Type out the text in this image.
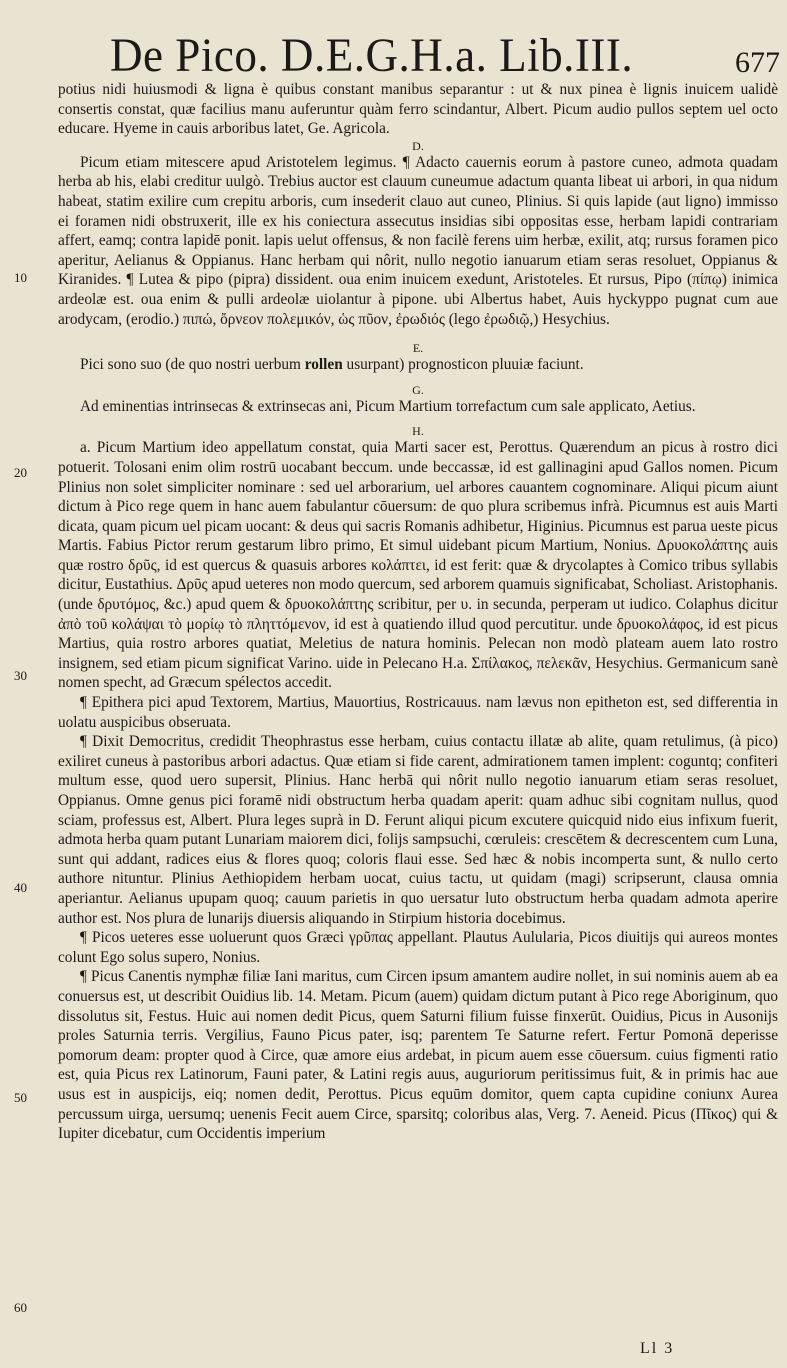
De Pico. D.E.G.H.a. Lib.III.	677
10
20
30
40
50
60

potius nidi huiusmodi & ligna è quibus constant manibus separantur : ut & nux pinea è lignis inuicem ualidè consertis constat, quæ facilius manu auferuntur quàm ferro scindantur, Albert. Picum audio pullos septem uel octo educare. Hyeme in cauis arboribus latet, Ge. Agricola.

D.

Picum etiam mitescere apud Aristotelem legimus. ¶ Adacto cauernis eorum à pastore cuneo, admota quadam herba ab his, elabi creditur uulgò. Trebius auctor est clauum cuneumue adactum quanta libeat ui arbori, in qua nidum habeat, statim exilire cum crepitu arboris, cum insederit clauo aut cuneo, Plinius. Si quis lapide (aut ligno) immisso ei foramen nidi obstruxerit, ille ex his coniectura assecutus insidias sibi oppositas esse, herbam lapidi contrariam affert, eamq; contra lapidē ponit. lapis uelut offensus, & non facilè ferens uim herbæ, exilit, atq; rursus foramen pico aperitur, Aelianus & Oppianus. Hanc herbam qui nôrit, nullo negotio ianuarum etiam seras resoluet, Oppianus & Kiranides. ¶ Lutea & pipo (pipra) dissident. oua enim inuicem exedunt, Aristoteles. Et rursus, Pipo (πίπῳ) inimica ardeolæ est. oua enim & pulli ardeolæ uiolantur à pipone. ubi Albertus habet, Auis hyckyppo pugnat cum aue arodycam, (erodio.) πιπώ, ὄρνεον πολεμικόν, ὡς πῦον, ἐρωδιός (lego ἐρωδιῷ,) Hesychius.

E.

Pici sono suo (de quo nostri uerbum rollen usurpant) prognosticon pluuiæ faciunt.

G.

Ad eminentias intrinsecas & extrinsecas ani, Picum Martium torrefactum cum sale applicato, Aetius.

H.

a. Picum Martium ideo appellatum constat, quia Marti sacer est, Perottus. Quærendum an picus à rostro dici potuerit. Tolosani enim olim rostrū uocabant beccum. unde beccassæ, id est gallinagini apud Gallos nomen. Picum Plinius non solet simpliciter nominare : sed uel arborarium, uel arbores cauantem cognominare. Aliqui picum aiunt dictum à Pico rege quem in hanc auem fabulantur cōuersum: de quo plura scribemus infrà. Picumnus est auis Marti dicata, quam picum uel picam uocant: & deus qui sacris Romanis adhibetur, Higinius. Picumnus est parua ueste picus Martis. Fabius Pictor rerum gestarum libro primo, Et simul uidebant picum Martium, Nonius. Δρυοκολάπτης auis quæ rostro δρῦς, id est quercus & quasuis arbores κολάπτει, id est ferit: quæ & drycolaptes à Comico tribus syllabis dicitur, Eustathius. Δρῦς apud ueteres non modo quercum, sed arborem quamuis significabat, Scholiast. Aristophanis. (unde δρυτόμος, &c.) apud quem & δρυοκολάπτης scribitur, per υ. in secunda, perperam ut iudico. Colaphus dicitur ἀπὸ τοῦ κολάψαι τὸ μορίῳ τὸ πληττόμενον, id est à quatiendo illud quod percutitur. unde δρυοκολάφος, id est picus Martius, quia rostro arbores quatiat, Meletius de natura hominis. Pelecan non modò plateam auem lato rostro insignem, sed etiam picum significat Varino. uide in Pelecano H.a. Σπίλακος, πελεκᾶν, Hesychius. Germanicum sanè nomen specht, ad Græcum spélectos accedit.

¶ Epithera pici apud Textorem, Martius, Mauortius, Rostricauus. nam lævus non epitheton est, sed differentia in uolatu auspicibus obseruata.

¶ Dixit Democritus, credidit Theophrastus esse herbam, cuius contactu illatæ ab alite, quam retulimus, (à pico) exiliret cuneus à pastoribus arbori adactus. Quæ etiam si fide carent, admirationem tamen implent: coguntq; confiteri multum esse, quod uero supersit, Plinius. Hanc herbā qui nôrit nullo negotio ianuarum etiam seras resoluet, Oppianus. Omne genus pici foramē nidi obstructum herba quadam aperit: quam adhuc sibi cognitam nullus, quod sciam, professus est, Albert. Plura leges suprà in D. Ferunt aliqui picum excutere quicquid nido eius infixum fuerit, admota herba quam putant Lunariam maiorem dici, folijs sampsuchi, cœruleis: crescētem & decrescentem cum Luna, sunt qui addant, radices eius & flores quoq; coloris flaui esse. Sed hæc & nobis incomperta sunt, & nullo certo authore nituntur. Plinius Aethiopidem herbam uocat, cuius tactu, ut quidam (magi) scripserunt, clausa omnia aperiantur. Aelianus upupam quoq; cauum parietis in quo uersatur luto obstructum herba quadam admota aperire author est. Nos plura de lunarijs diuersis aliquando in Stirpium historia docebimus.

¶ Picos ueteres esse uoluerunt quos Græci γρῦπας appellant. Plautus Aulularia, Picos diuitijs qui aureos montes colunt Ego solus supero, Nonius.

¶ Picus Canentis nymphæ filiæ Iani maritus, cum Circen ipsum amantem audire nollet, in sui nominis auem ab ea conuersus est, ut describit Ouidius lib. 14. Metam. Picum (auem) quidam dictum putant à Pico rege Aboriginum, quo dissolutus sit, Festus. Huic aui nomen dedit Picus, quem Saturni filium fuisse finxerūt. Ouidius, Picus in Ausonijs proles Saturnia terris. Vergilius, Fauno Picus pater, isq; parentem Te Saturne refert. Fertur Pomonā deperisse pomorum deam: propter quod à Circe, quæ amore eius ardebat, in picum auem esse cōuersum. cuius figmenti ratio est, quia Picus rex Latinorum, Fauni pater, & Latini regis auus, auguriorum peritissimus fuit, & in primis hac aue usus est in auspicijs, eiq; nomen dedit, Perottus. Picus equūm domitor, quem capta cupidine coniunx Aurea percussum uirga, uersumq; uenenis Fecit auem Circe, sparsitq; coloribus alas, Verg. 7. Aeneid. Picus (Πῖκος) qui & Iupiter dicebatur, cum Occidentis imperium

Ll 3
